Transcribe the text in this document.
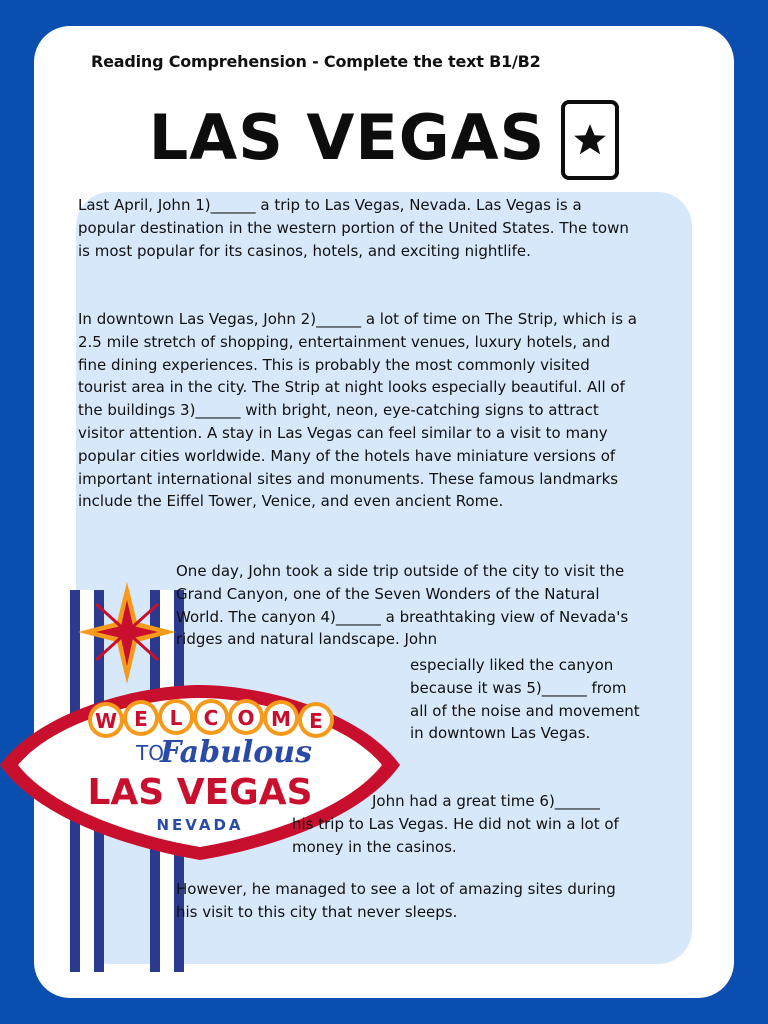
Reading Comprehension - Complete the text B1/B2
LAS VEGAS
W E L C O M E
TO
Fabulous
LAS VEGAS
NEVADA

Last April, John 1)______ a trip to Las Vegas, Nevada. Las Vegas is a popular destination in the western portion of the United States. The town is most popular for its casinos, hotels, and exciting nightlife.

In downtown Las Vegas, John 2)______ a lot of time on The Strip, which is a 2.5 mile stretch of shopping, entertainment venues, luxury hotels, and fine dining experiences. This is probably the most commonly visited tourist area in the city. The Strip at night looks especially beautiful. All of the buildings 3)______ with bright, neon, eye-catching signs to attract visitor attention. A stay in Las Vegas can feel similar to a visit to many popular cities worldwide. Many of the hotels have miniature versions of important international sites and monuments. These famous landmarks include the Eiffel Tower, Venice, and even ancient Rome.

One day, John took a side trip outside of the city to visit the Grand Canyon, one of the Seven Wonders of the Natural World. The canyon 4)______ a breathtaking view of Nevada's ridges and natural landscape. John

especially liked the canyon because it was 5)______ from all of the noise and movement in downtown Las Vegas.

John had a great time 6)______
his trip to Las Vegas. He did not win a lot of money in the casinos.

However, he managed to see a lot of amazing sites during his visit to this city that never sleeps.
